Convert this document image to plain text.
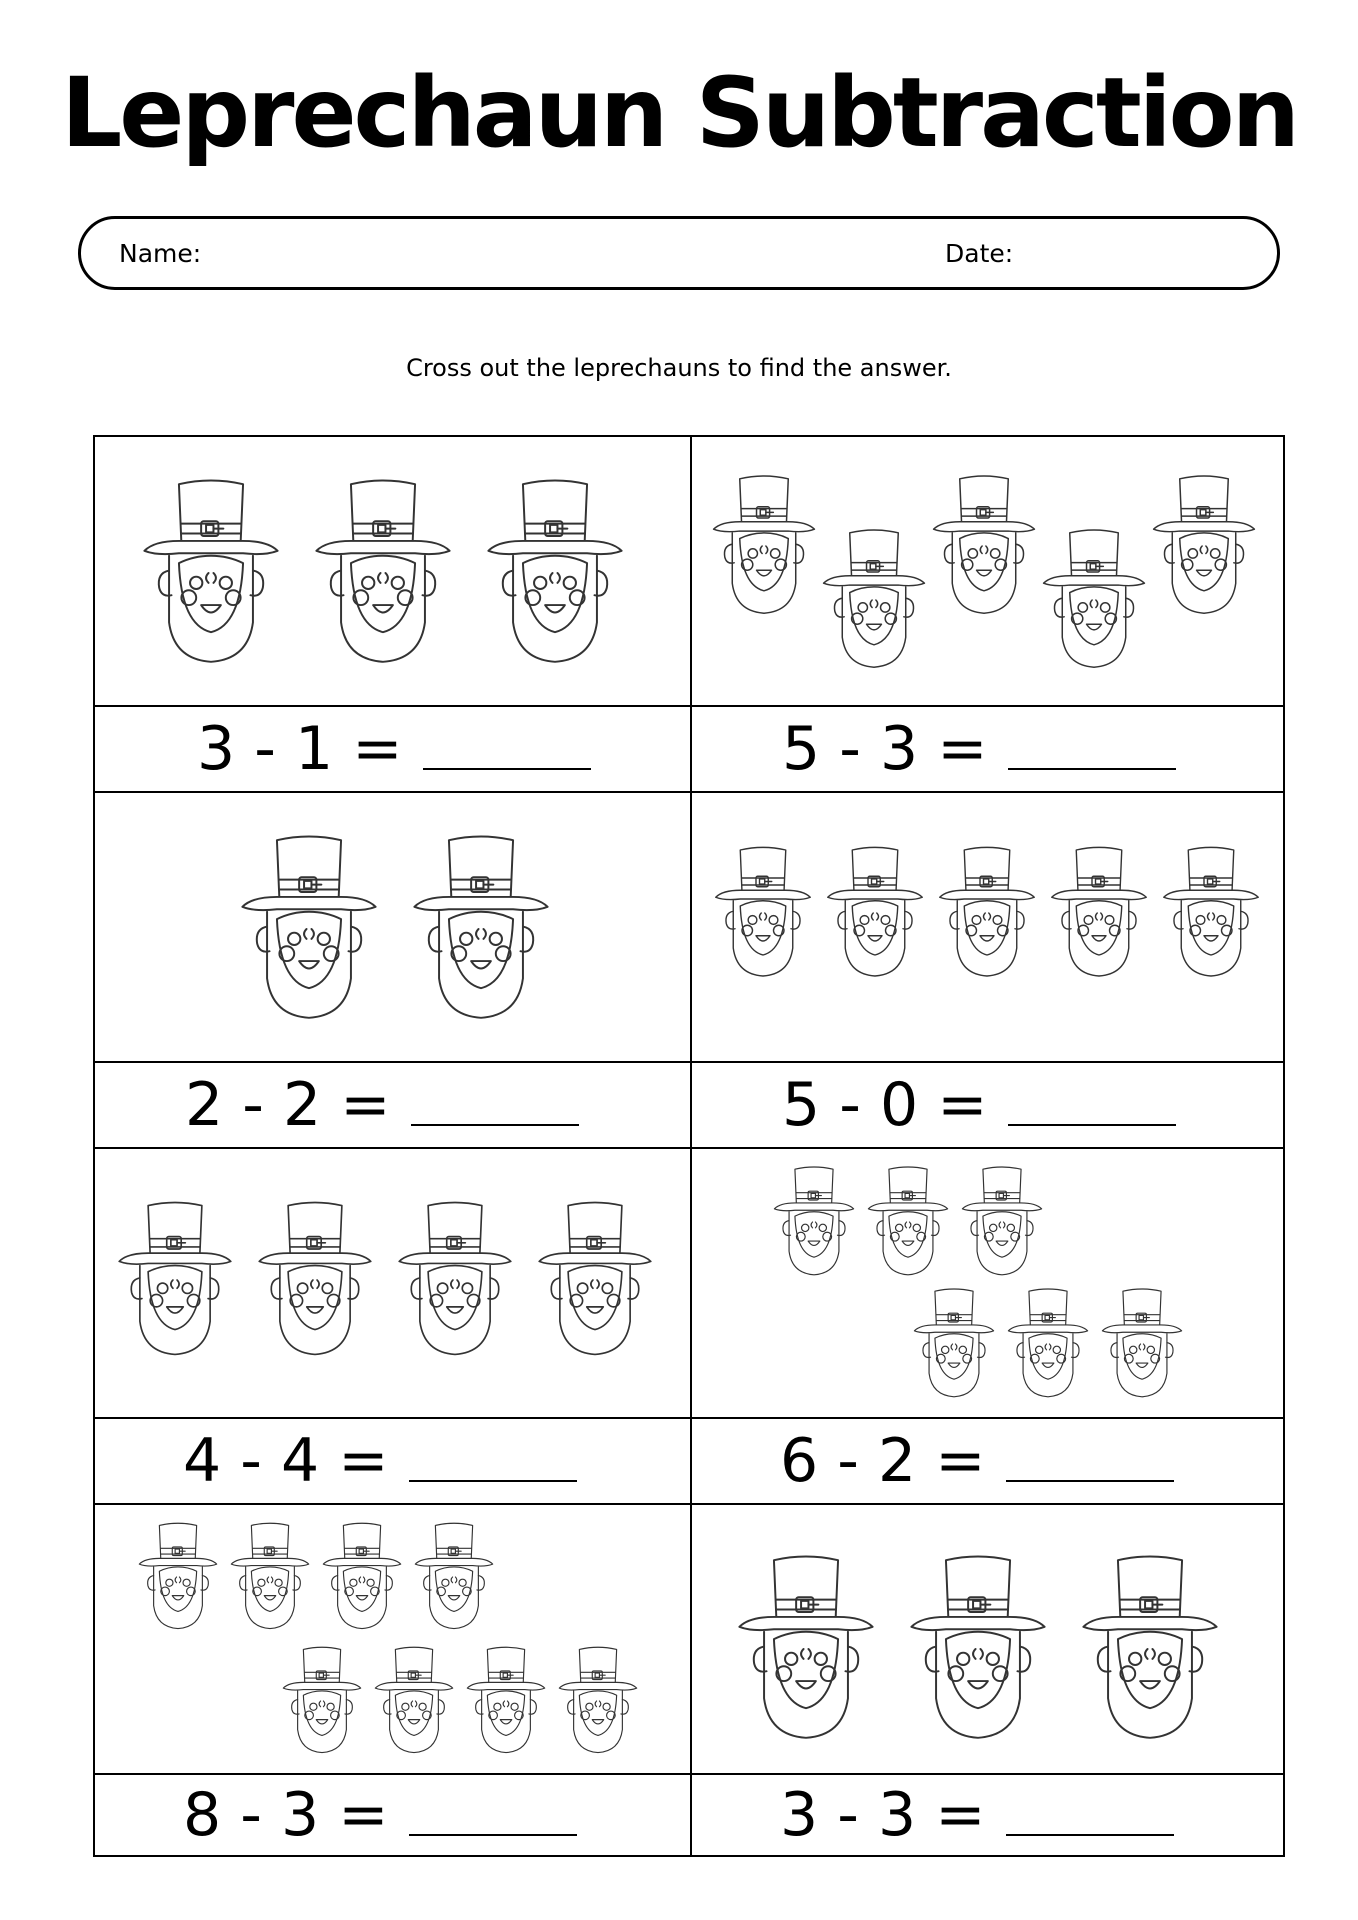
Leprechaun Subtraction
Name:	Date:
Cross out the leprechauns to find the answer.
3 - 1 =	5 - 3 =
2 - 2 =	5 - 0 =
4 - 4 =	6 - 2 =
8 - 3 =	3 - 3 =
